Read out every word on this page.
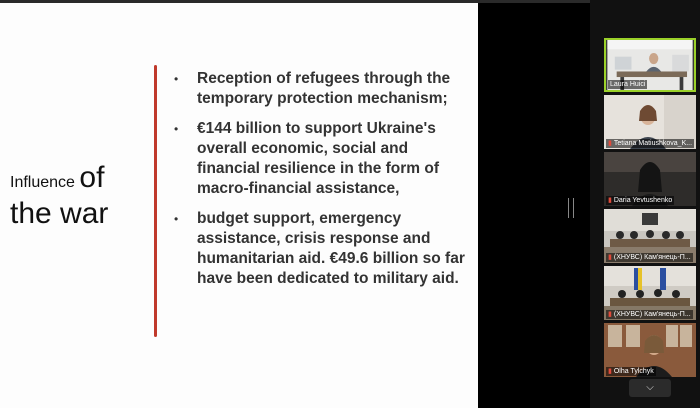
Influence of
the war
• Reception of refugees through the temporary protection mechanism;
• €144 billion to support Ukraine's overall economic, social and financial resilience in the form of macro-financial assistance,
• budget support, emergency assistance, crisis response and humanitarian aid. €49.6 billion so far have been dedicated to military aid.
Laura Huici
▮ Tetiana Matiushkova_K...
▮ Daria Yevtushenko
▮ (ХНУВС) Кам'янець-П...
▮ (ХНУВС) Кам'янець-П...
▮ Olha Tylchyk
⌵
